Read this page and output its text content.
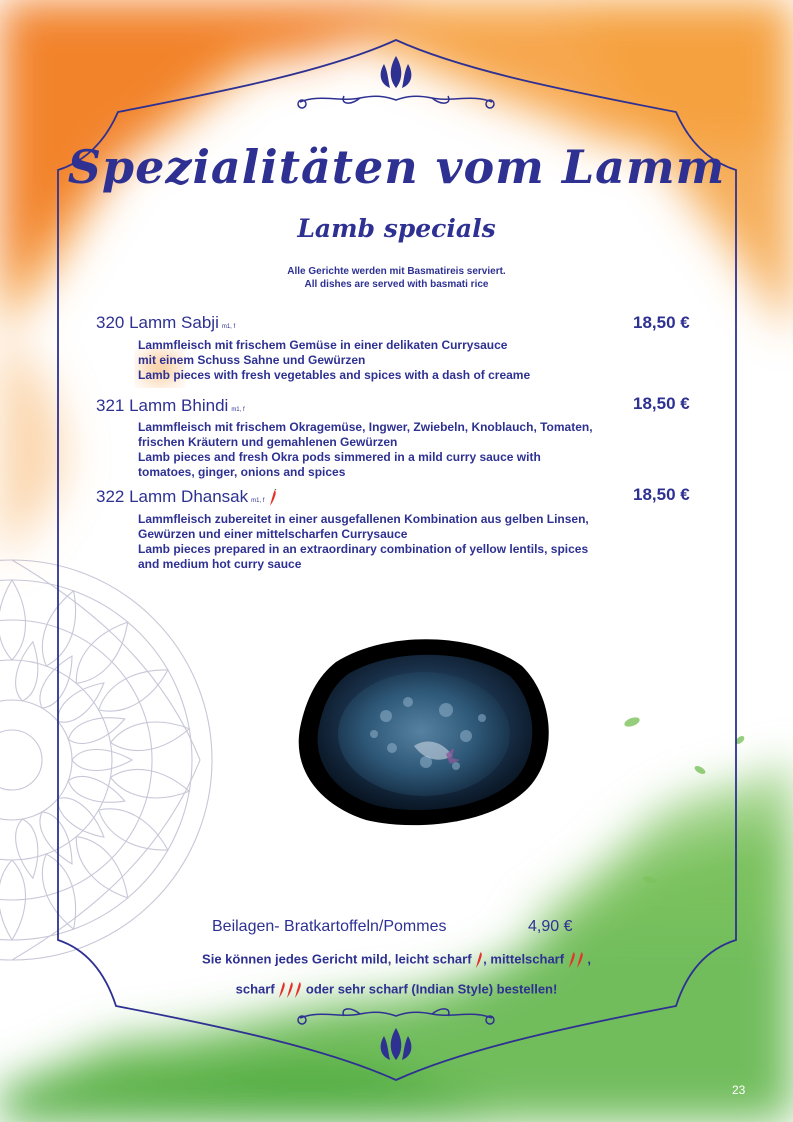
Spezialitäten vom Lamm
Lamb specials
Alle Gerichte werden mit Basmatireis serviert.
All dishes are served with basmati rice
320 Lamm Sabji m1, f	18,50 €
Lammfleisch mit frischem Gemüse in einer delikaten Currysauce
mit einem Schuss Sahne und Gewürzen
Lamb pieces with fresh vegetables and spices with a dash of creame
321 Lamm Bhindi m1, f	18,50 €
Lammfleisch mit frischem Okragemüse, Ingwer, Zwiebeln, Knoblauch, Tomaten,
frischen Kräutern und gemahlenen Gewürzen
Lamb pieces and fresh Okra pods simmered in a mild curry sauce with
tomatoes, ginger, onions and spices
322 Lamm Dhansak m1, f	18,50 €
Lammfleisch zubereitet in einer ausgefallenen Kombination aus gelben Linsen,
Gewürzen und einer mittelscharfen Currysauce
Lamb pieces prepared in an extraordinary combination of yellow lentils, spices
and medium hot curry sauce
Beilagen- Bratkartoffeln/Pommes	4,90 €
Sie können jedes Gericht mild, leicht scharf , mittelscharf  ,
scharf  oder sehr scharf (Indian Style) bestellen!
23
